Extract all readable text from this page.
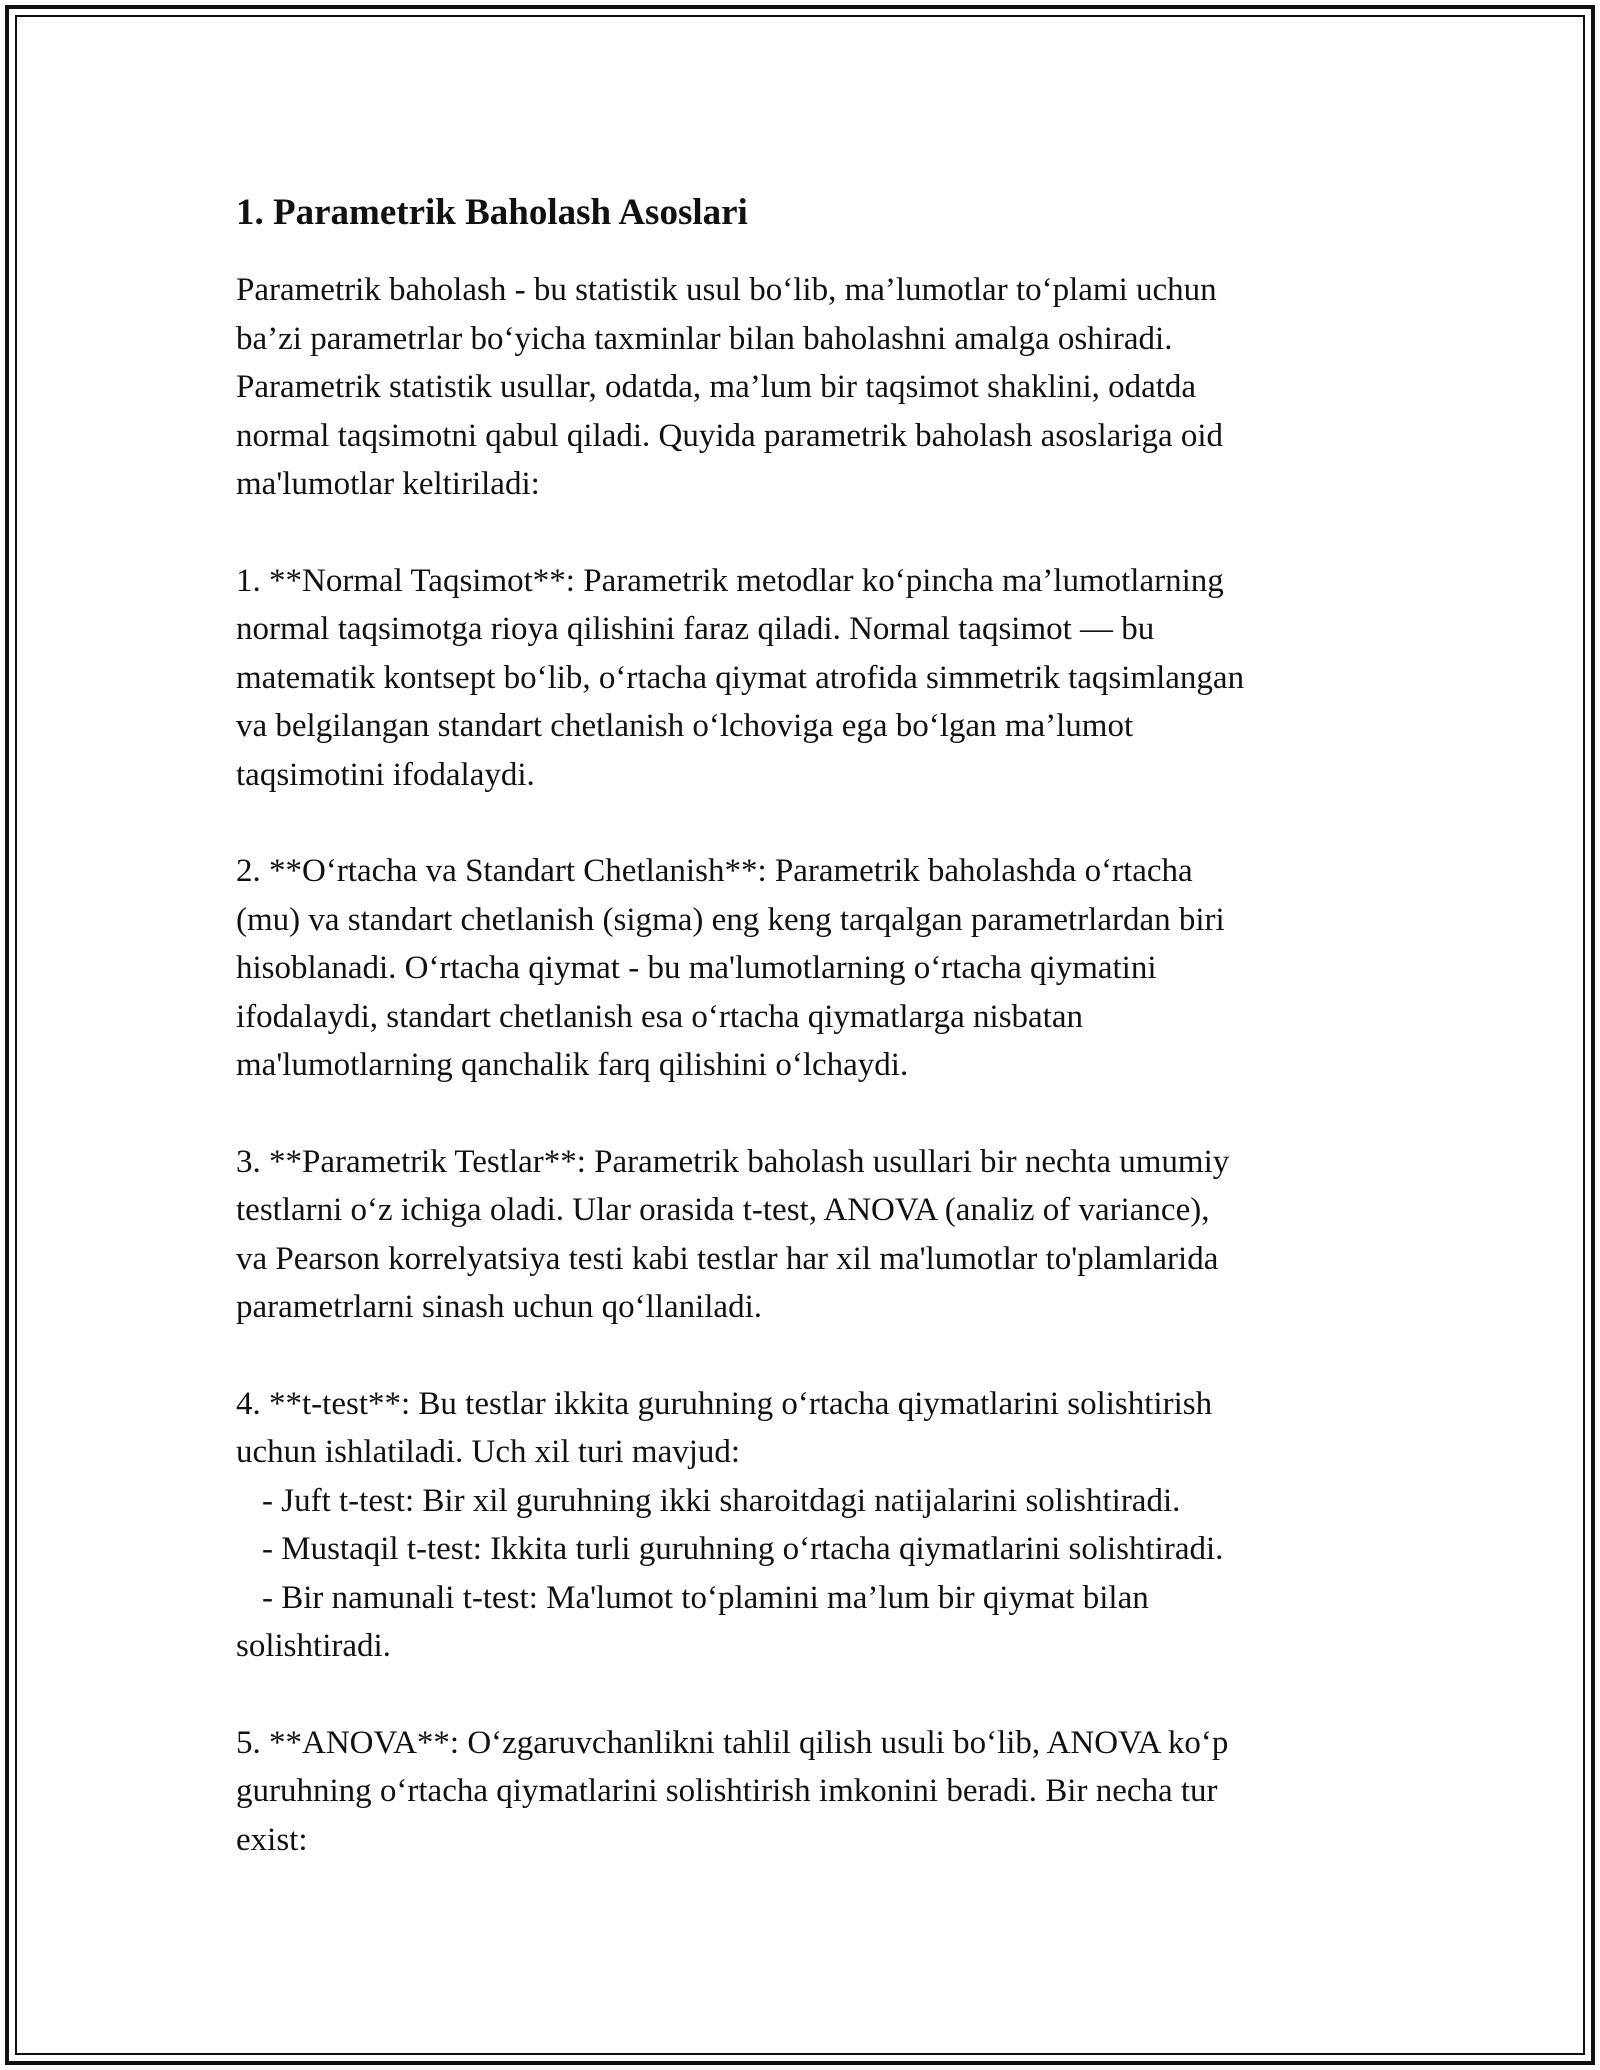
1. Parametrik Baholash Asoslari
Parametrik baholash - bu statistik usul bo‘lib, ma’lumotlar to‘plami uchun
ba’zi parametrlar bo‘yicha taxminlar bilan baholashni amalga oshiradi.
Parametrik statistik usullar, odatda, ma’lum bir taqsimot shaklini, odatda
normal taqsimotni qabul qiladi. Quyida parametrik baholash asoslariga oid
ma'lumotlar keltiriladi:
1. **Normal Taqsimot**: Parametrik metodlar ko‘pincha ma’lumotlarning
normal taqsimotga rioya qilishini faraz qiladi. Normal taqsimot — bu
matematik kontsept bo‘lib, o‘rtacha qiymat atrofida simmetrik taqsimlangan
va belgilangan standart chetlanish o‘lchoviga ega bo‘lgan ma’lumot
taqsimotini ifodalaydi.
2. **O‘rtacha va Standart Chetlanish**: Parametrik baholashda o‘rtacha
(mu) va standart chetlanish (sigma) eng keng tarqalgan parametrlardan biri
hisoblanadi. O‘rtacha qiymat - bu ma'lumotlarning o‘rtacha qiymatini
ifodalaydi, standart chetlanish esa o‘rtacha qiymatlarga nisbatan
ma'lumotlarning qanchalik farq qilishini o‘lchaydi.
3. **Parametrik Testlar**: Parametrik baholash usullari bir nechta umumiy
testlarni o‘z ichiga oladi. Ular orasida t-test, ANOVA (analiz of variance),
va Pearson korrelyatsiya testi kabi testlar har xil ma'lumotlar to'plamlarida
parametrlarni sinash uchun qo‘llaniladi.
4. **t-test**: Bu testlar ikkita guruhning o‘rtacha qiymatlarini solishtirish
uchun ishlatiladi. Uch xil turi mavjud:
- Juft t-test: Bir xil guruhning ikki sharoitdagi natijalarini solishtiradi.
- Mustaqil t-test: Ikkita turli guruhning o‘rtacha qiymatlarini solishtiradi.
- Bir namunali t-test: Ma'lumot to‘plamini ma’lum bir qiymat bilan
solishtiradi.
5. **ANOVA**: O‘zgaruvchanlikni tahlil qilish usuli bo‘lib, ANOVA ko‘p
guruhning o‘rtacha qiymatlarini solishtirish imkonini beradi. Bir necha tur
exist:
